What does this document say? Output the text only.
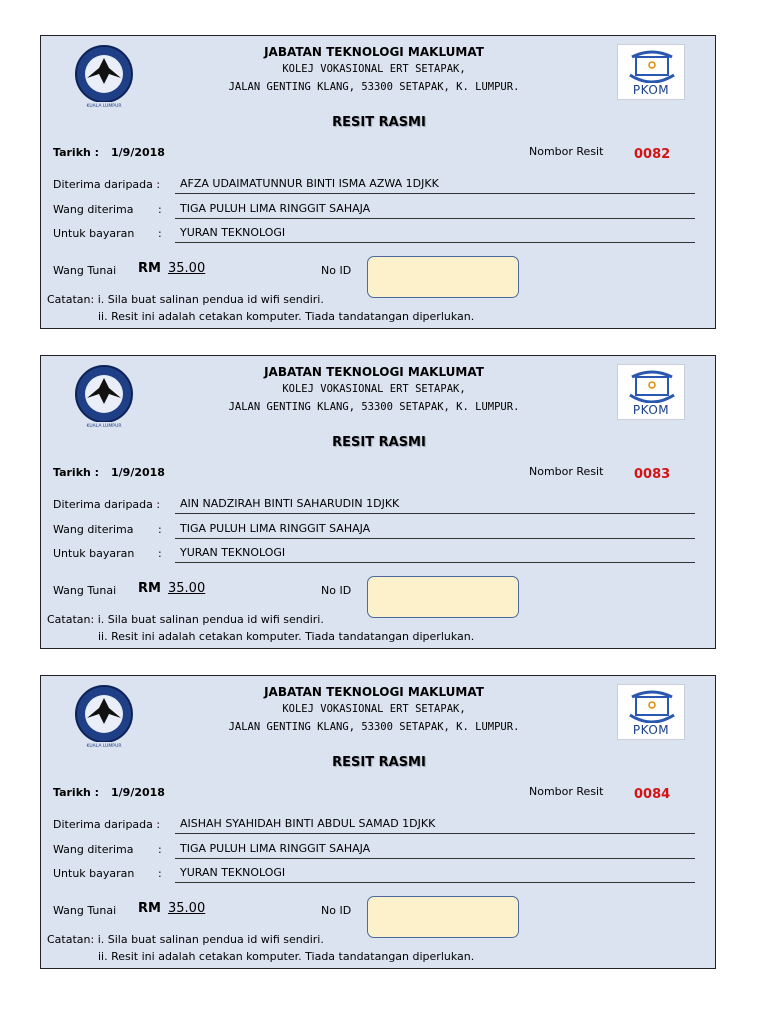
KUALA LUMPUR
JABATAN TEKNOLOGI MAKLUMAT
KOLEJ VOKASIONAL ERT SETAPAK,
JALAN GENTING KLANG, 53300 SETAPAK, K. LUMPUR.	PKOM
RESIT RASMI
Tarikh : 1/9/2018	Nombor Resit 0082
Diterima daripada :	AFZA UDAIMATUNNUR BINTI ISMA AZWA 1DJKK
Wang diterima :	TIGA PULUH LIMA RINGGIT SAHAJA
Untuk bayaran :	YURAN TEKNOLOGI
Wang Tunai RM 35.00	No ID
Catatan: i. Sila buat salinan pendua id wifi sendiri.
ii. Resit ini adalah cetakan komputer. Tiada tandatangan diperlukan.
KUALA LUMPUR
JABATAN TEKNOLOGI MAKLUMAT
KOLEJ VOKASIONAL ERT SETAPAK,
JALAN GENTING KLANG, 53300 SETAPAK, K. LUMPUR.	PKOM
RESIT RASMI
Tarikh : 1/9/2018	Nombor Resit 0083
Diterima daripada :	AIN NADZIRAH BINTI SAHARUDIN 1DJKK
Wang diterima :	TIGA PULUH LIMA RINGGIT SAHAJA
Untuk bayaran :	YURAN TEKNOLOGI
Wang Tunai RM 35.00	No ID
Catatan: i. Sila buat salinan pendua id wifi sendiri.
ii. Resit ini adalah cetakan komputer. Tiada tandatangan diperlukan.
KUALA LUMPUR
JABATAN TEKNOLOGI MAKLUMAT
KOLEJ VOKASIONAL ERT SETAPAK,
JALAN GENTING KLANG, 53300 SETAPAK, K. LUMPUR.	PKOM
RESIT RASMI
Tarikh : 1/9/2018	Nombor Resit 0084
Diterima daripada :	AISHAH SYAHIDAH BINTI ABDUL SAMAD 1DJKK
Wang diterima :	TIGA PULUH LIMA RINGGIT SAHAJA
Untuk bayaran :	YURAN TEKNOLOGI
Wang Tunai RM 35.00	No ID
Catatan: i. Sila buat salinan pendua id wifi sendiri.
ii. Resit ini adalah cetakan komputer. Tiada tandatangan diperlukan.
